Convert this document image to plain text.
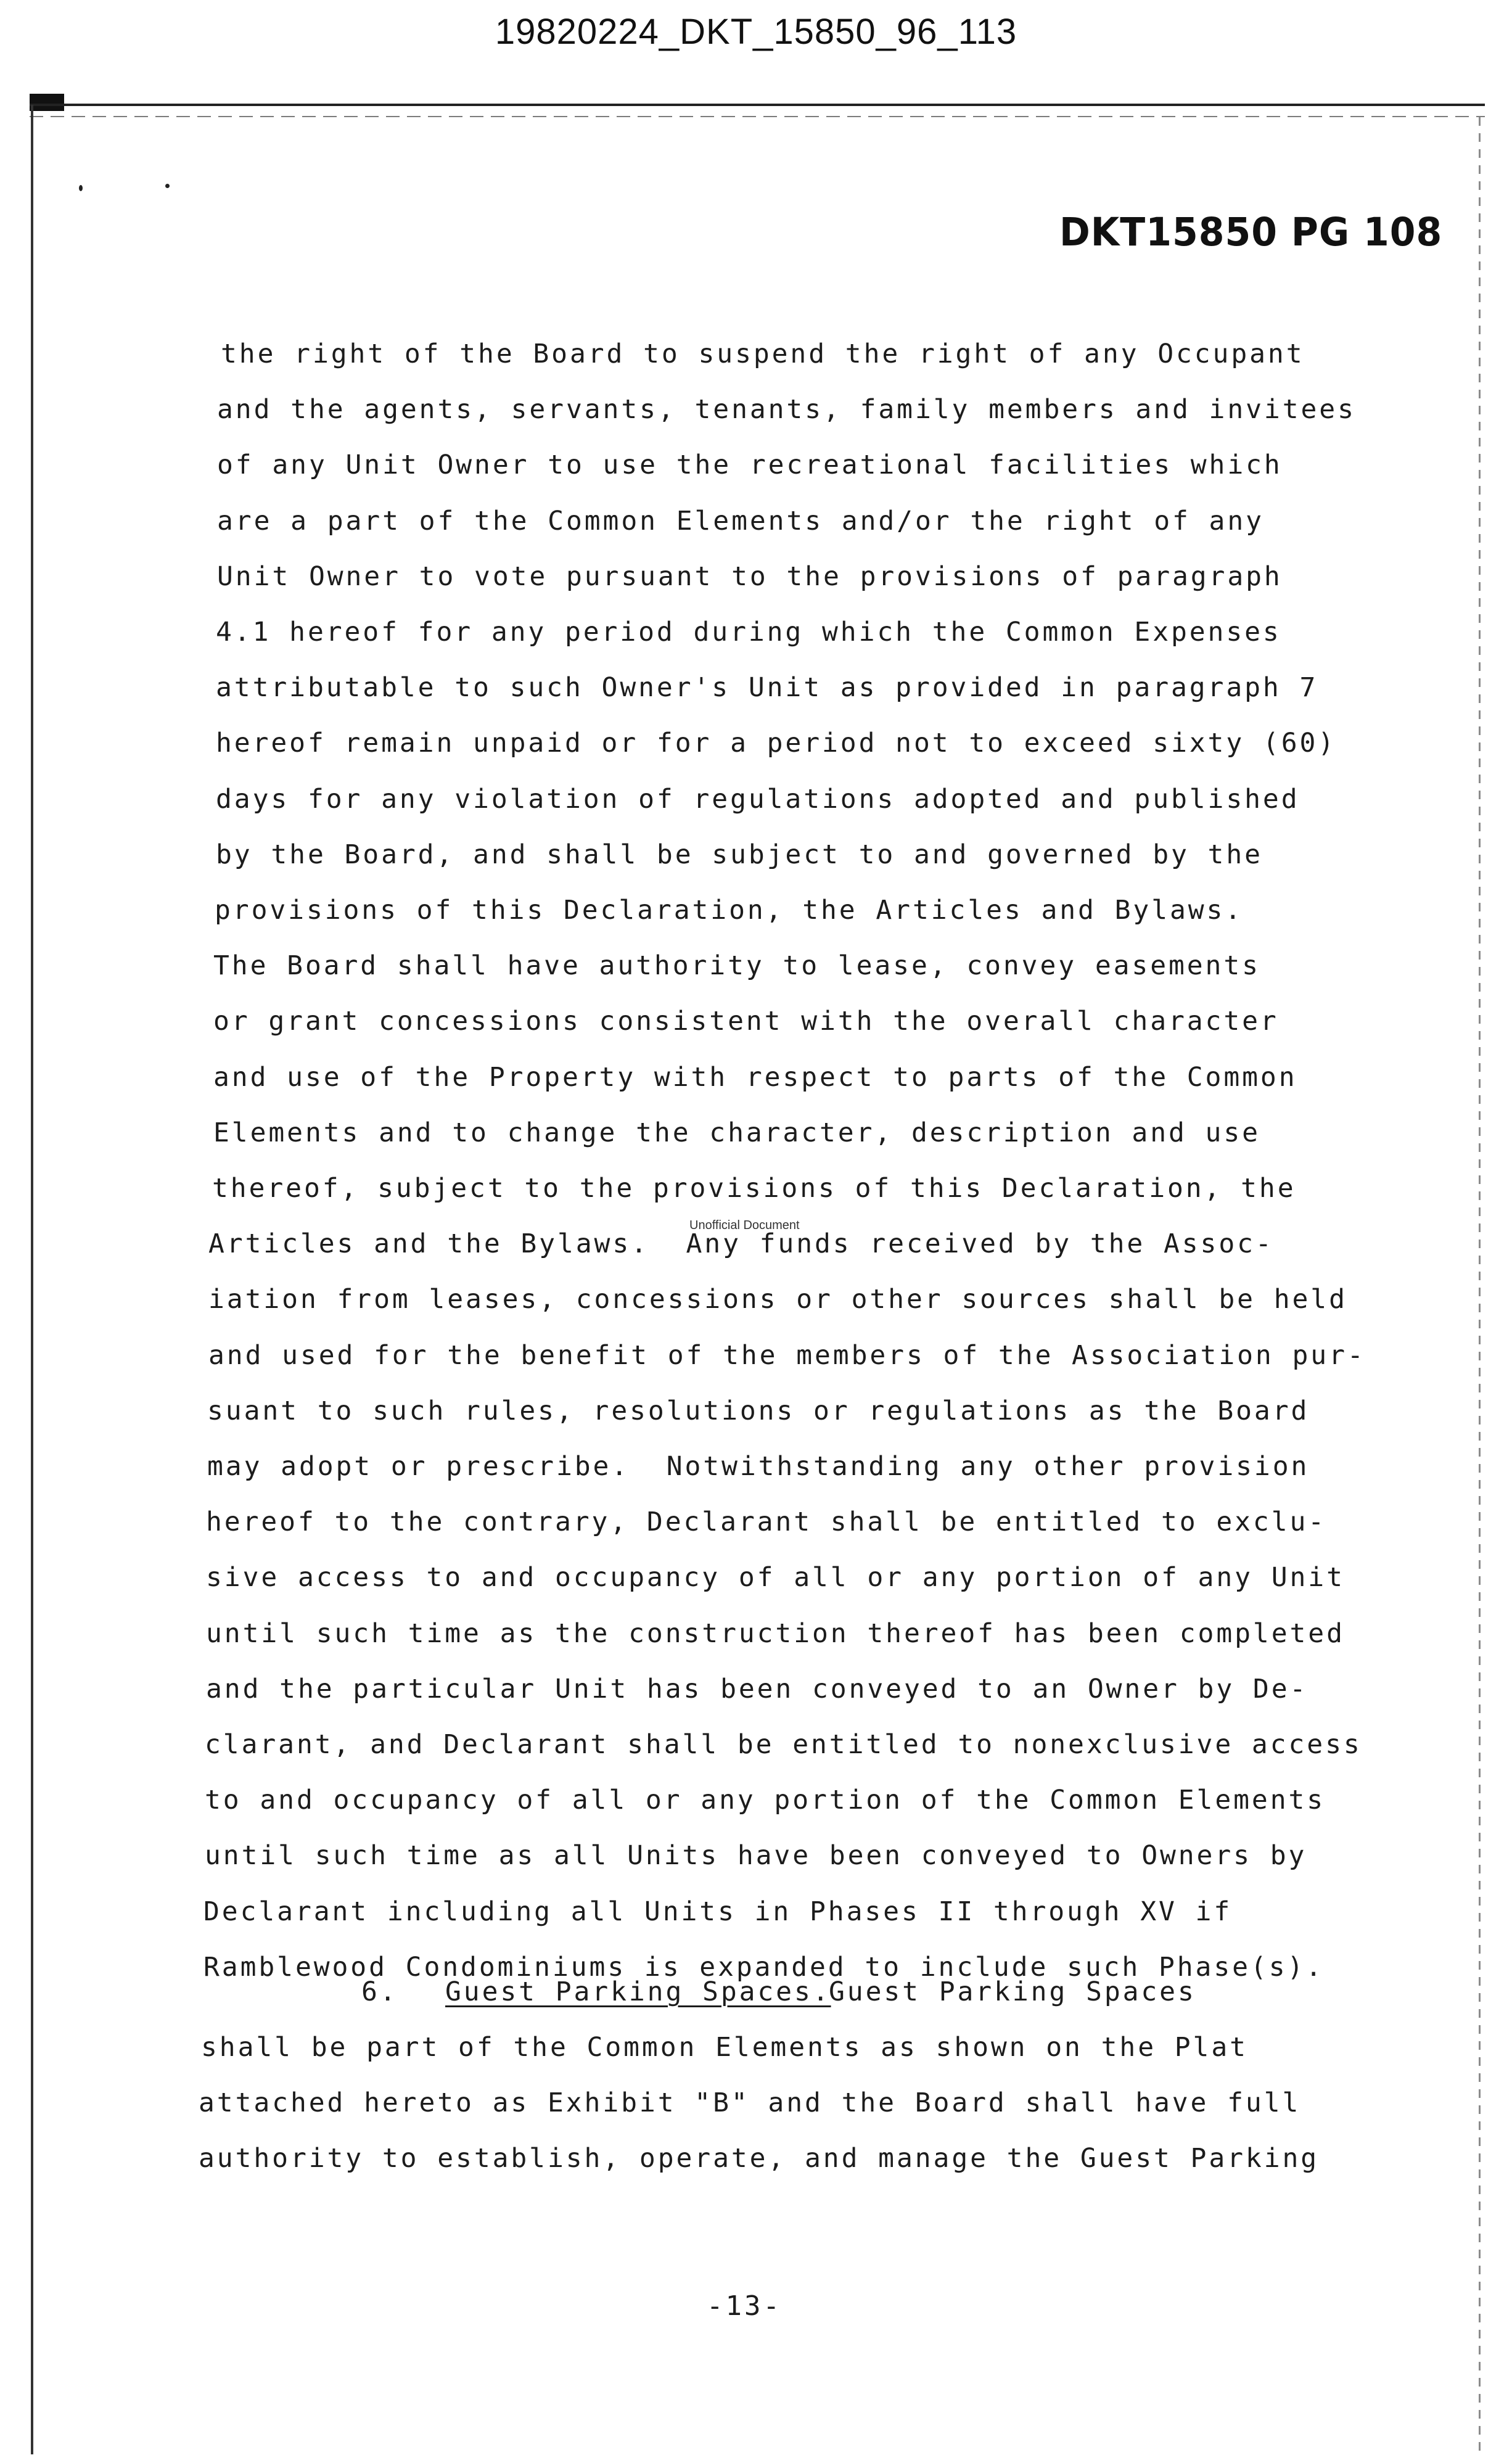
19820224_DKT_15850_96_113
DKT15850 PG 108
the right of the Board to suspend the right of any Occupant
and the agents, servants, tenants, family members and invitees
of any Unit Owner to use the recreational facilities which
are a part of the Common Elements and/or the right of any
Unit Owner to vote pursuant to the provisions of paragraph
4.1 hereof for any period during which the Common Expenses
attributable to such Owner's Unit as provided in paragraph 7
hereof remain unpaid or for a period not to exceed sixty (60)
days for any violation of regulations adopted and published
by the Board, and shall be subject to and governed by the
provisions of this Declaration, the Articles and Bylaws.
The Board shall have authority to lease, convey easements
or grant concessions consistent with the overall character
and use of the Property with respect to parts of the Common
Elements and to change the character, description and use
thereof, subject to the provisions of this Declaration, the
Articles and the Bylaws.  Any funds received by the Assoc-
iation from leases, concessions or other sources shall be held
and used for the benefit of the members of the Association pur-
suant to such rules, resolutions or regulations as the Board
may adopt or prescribe.  Notwithstanding any other provision
hereof to the contrary, Declarant shall be entitled to exclu-
sive access to and occupancy of all or any portion of any Unit
until such time as the construction thereof has been completed
and the particular Unit has been conveyed to an Owner by De-
clarant, and Declarant shall be entitled to nonexclusive access
to and occupancy of all or any portion of the Common Elements
until such time as all Units have been conveyed to Owners by
Declarant including all Units in Phases II through XV if
Ramblewood Condominiums is expanded to include such Phase(s).
Unofficial Document
6. Guest Parking Spaces.
Guest Parking Spaces
shall be part of the Common Elements as shown on the Plat
attached hereto as Exhibit "B" and the Board shall have full
authority to establish, operate, and manage the Guest Parking
-13-
